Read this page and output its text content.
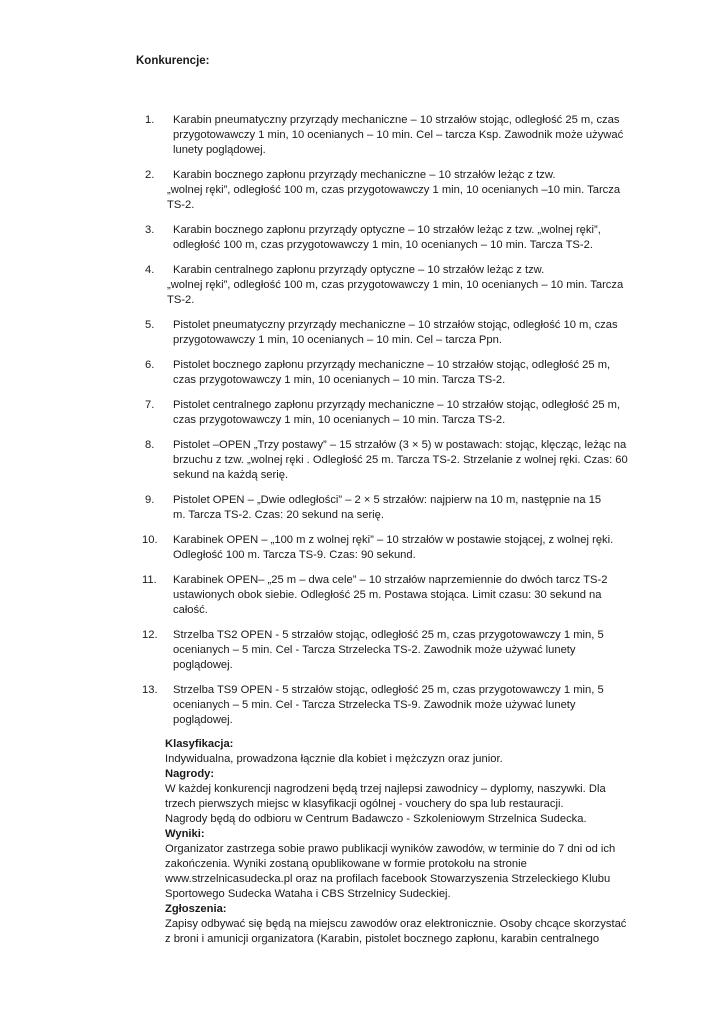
Konkurencje:
1.	Karabin pneumatyczny przyrządy mechaniczne – 10 strzałów stojąc, odległość 25 m, czas
przygotowawczy 1 min, 10 ocenianych – 10 min. Cel – tarcza Ksp. Zawodnik może używać
lunety poglądowej.
2.	Karabin bocznego zapłonu przyrządy mechaniczne – 10 strzałów leżąc z tzw.
„wolnej ręki”, odległość 100 m, czas przygotowawczy 1 min, 10 ocenianych –10 min. Tarcza
TS-2.
3.	Karabin bocznego zapłonu przyrządy optyczne – 10 strzałów leżąc z tzw. „wolnej ręki”,
odległość 100 m, czas przygotowawczy 1 min, 10 ocenianych – 10 min. Tarcza TS-2.
4.	Karabin centralnego zapłonu przyrządy optyczne – 10 strzałów leżąc z tzw.
„wolnej ręki”, odległość 100 m, czas przygotowawczy 1 min, 10 ocenianych – 10 min. Tarcza
TS-2.
5.	Pistolet pneumatyczny przyrządy mechaniczne – 10 strzałów stojąc, odległość 10 m, czas
przygotowawczy 1 min, 10 ocenianych – 10 min. Cel – tarcza Ppn.
6.	Pistolet bocznego zapłonu przyrządy mechaniczne – 10 strzałów stojąc, odległość 25 m,
czas przygotowawczy 1 min, 10 ocenianych – 10 min. Tarcza TS-2.
7.	Pistolet centralnego zapłonu przyrządy mechaniczne – 10 strzałów stojąc, odległość 25 m,
czas przygotowawczy 1 min, 10 ocenianych – 10 min. Tarcza TS-2.
8.	Pistolet –OPEN „Trzy postawy” – 15 strzałów (3 × 5) w postawach: stojąc, klęcząc, leżąc na
brzuchu z tzw. „wolnej ręki . Odległość 25 m. Tarcza TS-2. Strzelanie z wolnej ręki. Czas: 60
sekund na każdą serię.
9.	Pistolet OPEN – „Dwie odległości” – 2 × 5 strzałów: najpierw na 10 m, następnie na 15
m. Tarcza TS-2. Czas: 20 sekund na serię.
10.	Karabinek OPEN – „100 m z wolnej ręki” – 10 strzałów w postawie stojącej, z wolnej ręki.
Odległość 100 m. Tarcza TS-9. Czas: 90 sekund.
11.	Karabinek OPEN– „25 m – dwa cele” – 10 strzałów naprzemiennie do dwóch tarcz TS-2
ustawionych obok siebie. Odległość 25 m. Postawa stojąca. Limit czasu: 30 sekund na
całość.
12.	Strzelba TS2 OPEN - 5 strzałów stojąc, odległość 25 m, czas przygotowawczy 1 min, 5
ocenianych – 5 min. Cel - Tarcza Strzelecka TS-2. Zawodnik może używać lunety
poglądowej.
13.	Strzelba TS9 OPEN - 5 strzałów stojąc, odległość 25 m, czas przygotowawczy 1 min, 5
ocenianych – 5 min. Cel - Tarcza Strzelecka TS-9. Zawodnik może używać lunety
poglądowej.
Klasyfikacja:
Indywidualna, prowadzona łącznie dla kobiet i mężczyzn oraz junior.
Nagrody:
W każdej konkurencji nagrodzeni będą trzej najlepsi zawodnicy – dyplomy, naszywki. Dla
trzech pierwszych miejsc w klasyfikacji ogólnej - vouchery do spa lub restauracji.
Nagrody będą do odbioru w Centrum Badawczo - Szkoleniowym Strzelnica Sudecka.
Wyniki:
Organizator zastrzega sobie prawo publikacji wyników zawodów, w terminie do 7 dni od ich
zakończenia. Wyniki zostaną opublikowane w formie protokołu na stronie
www.strzelnicasudecka.pl oraz na profilach facebook Stowarzyszenia Strzeleckiego Klubu
Sportowego Sudecka Wataha i CBS Strzelnicy Sudeckiej.
Zgłoszenia:
Zapisy odbywać się będą na miejscu zawodów oraz elektronicznie. Osoby chcące skorzystać
z broni i amunicji organizatora (Karabin, pistolet bocznego zapłonu, karabin centralnego
